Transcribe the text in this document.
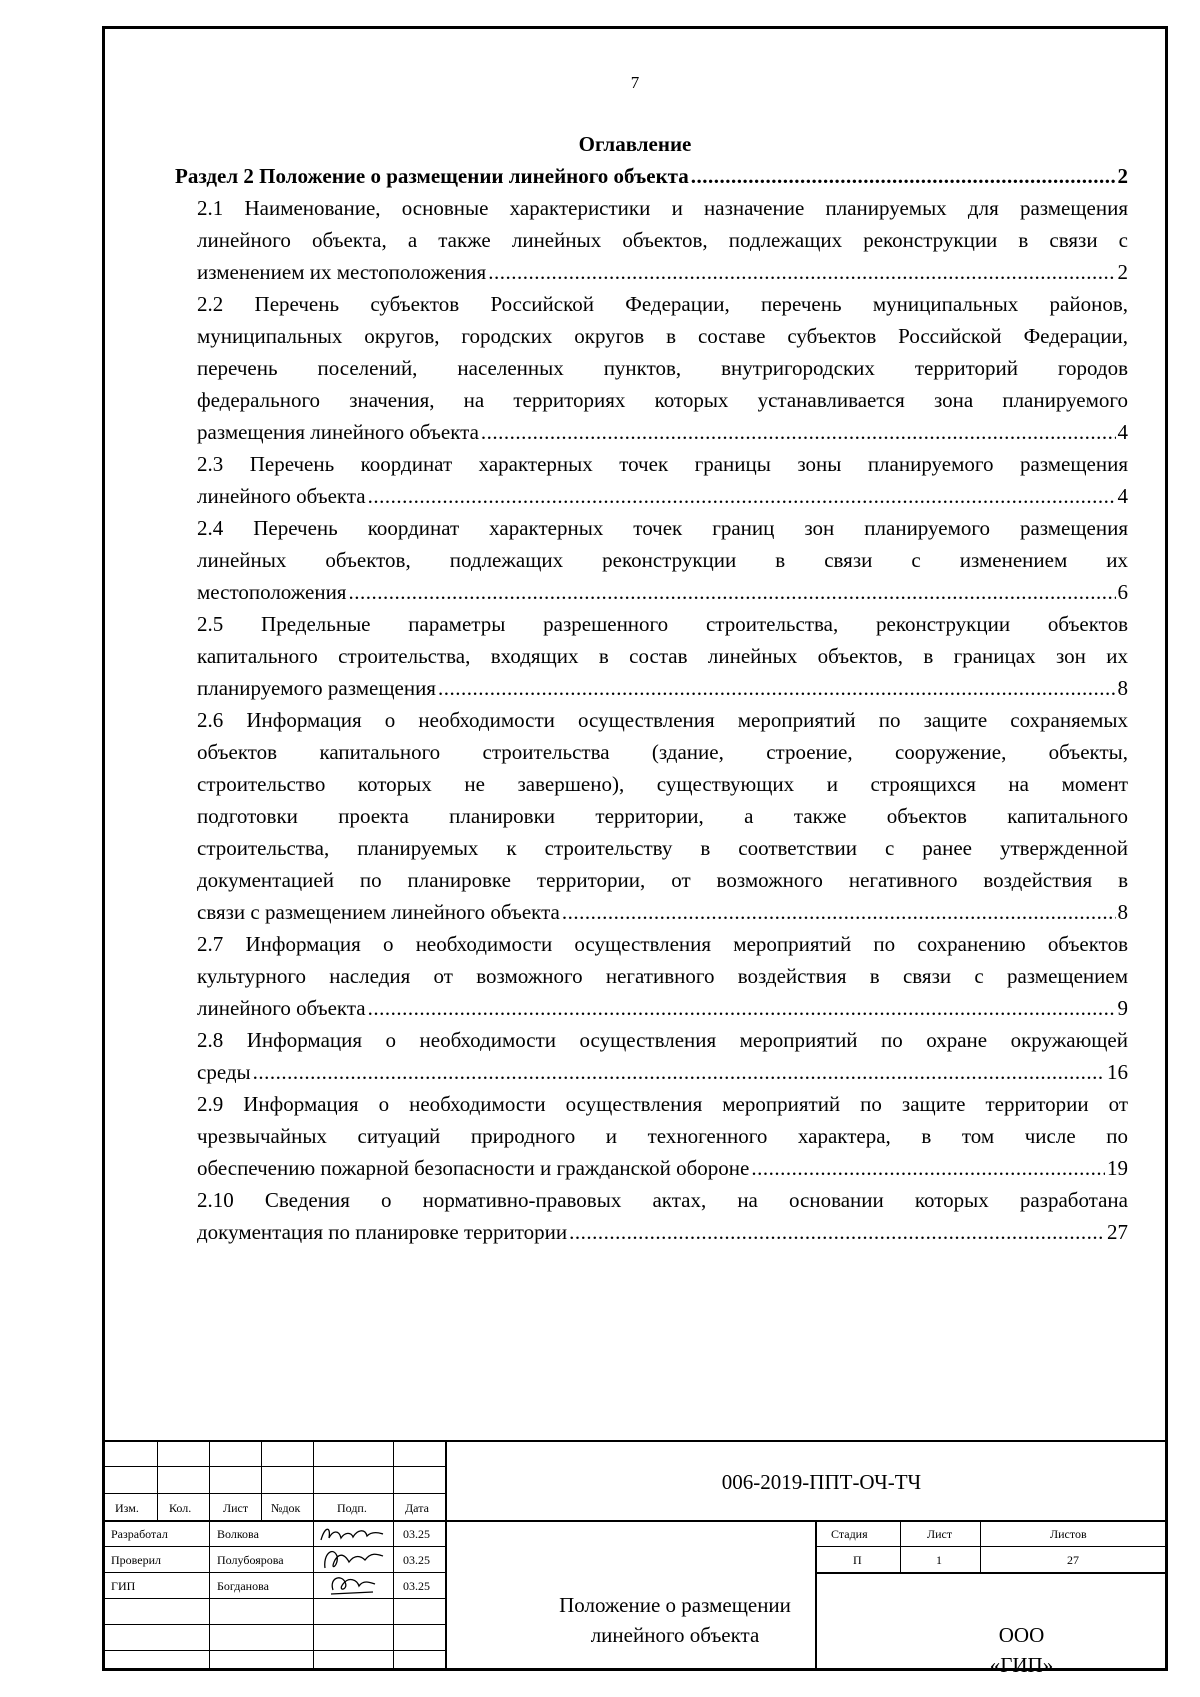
7
Оглавление
Раздел 2 Положение о размещении линейного объекта .....	2
2.1 Наименование, основные характеристики и назначение планируемых для размещения
линейного объекта, а также линейных объектов, подлежащих реконструкции в связи с
изменением их местоположения .....	2
2.2 Перечень субъектов Российской Федерации, перечень муниципальных районов,
муниципальных округов, городских округов в составе субъектов Российской Федерации,
перечень поселений, населенных пунктов, внутригородских территорий городов
федерального значения, на территориях которых устанавливается зона планируемого
размещения линейного объекта .....	4
2.3 Перечень координат характерных точек границы зоны планируемого размещения
линейного объекта .....	4
2.4 Перечень координат характерных точек границ зон планируемого размещения
линейных объектов, подлежащих реконструкции в связи с изменением их
местоположения .....	6
2.5 Предельные параметры разрешенного строительства, реконструкции объектов
капитального строительства, входящих в состав линейных объектов, в границах зон их
планируемого размещения .....	8
2.6 Информация о необходимости осуществления мероприятий по защите сохраняемых
объектов капитального строительства (здание, строение, сооружение, объекты,
строительство которых не завершено), существующих и строящихся на момент
подготовки проекта планировки территории, а также объектов капитального
строительства, планируемых к строительству в соответствии с ранее утвержденной
документацией по планировке территории, от возможного негативного воздействия в
связи с размещением линейного объекта .....	8
2.7 Информация о необходимости осуществления мероприятий по сохранению объектов
культурного наследия от возможного негативного воздействия в связи с размещением
линейного объекта .....	9
2.8 Информация о необходимости осуществления мероприятий по охране окружающей
среды .....	16
2.9 Информация о необходимости осуществления мероприятий по защите территории от
чрезвычайных ситуаций природного и техногенного характера, в том числе по
обеспечению пожарной безопасности и гражданской обороне .....	19
2.10 Сведения о нормативно-правовых актах, на основании которых разработана
документация по планировке территории .....	27
Изм.	Кол.	Лист №док	Подп.	Дата
Разработал	Волкова	03.25
Проверил	Полубоярова	03.25
ГИП	Богданова	03.25
006-2019-ППТ-ОЧ-ТЧ
Стадия	Лист	Листов
П	1	27
Положение о размещении
линейного объекта	ООО
«ГИП»
